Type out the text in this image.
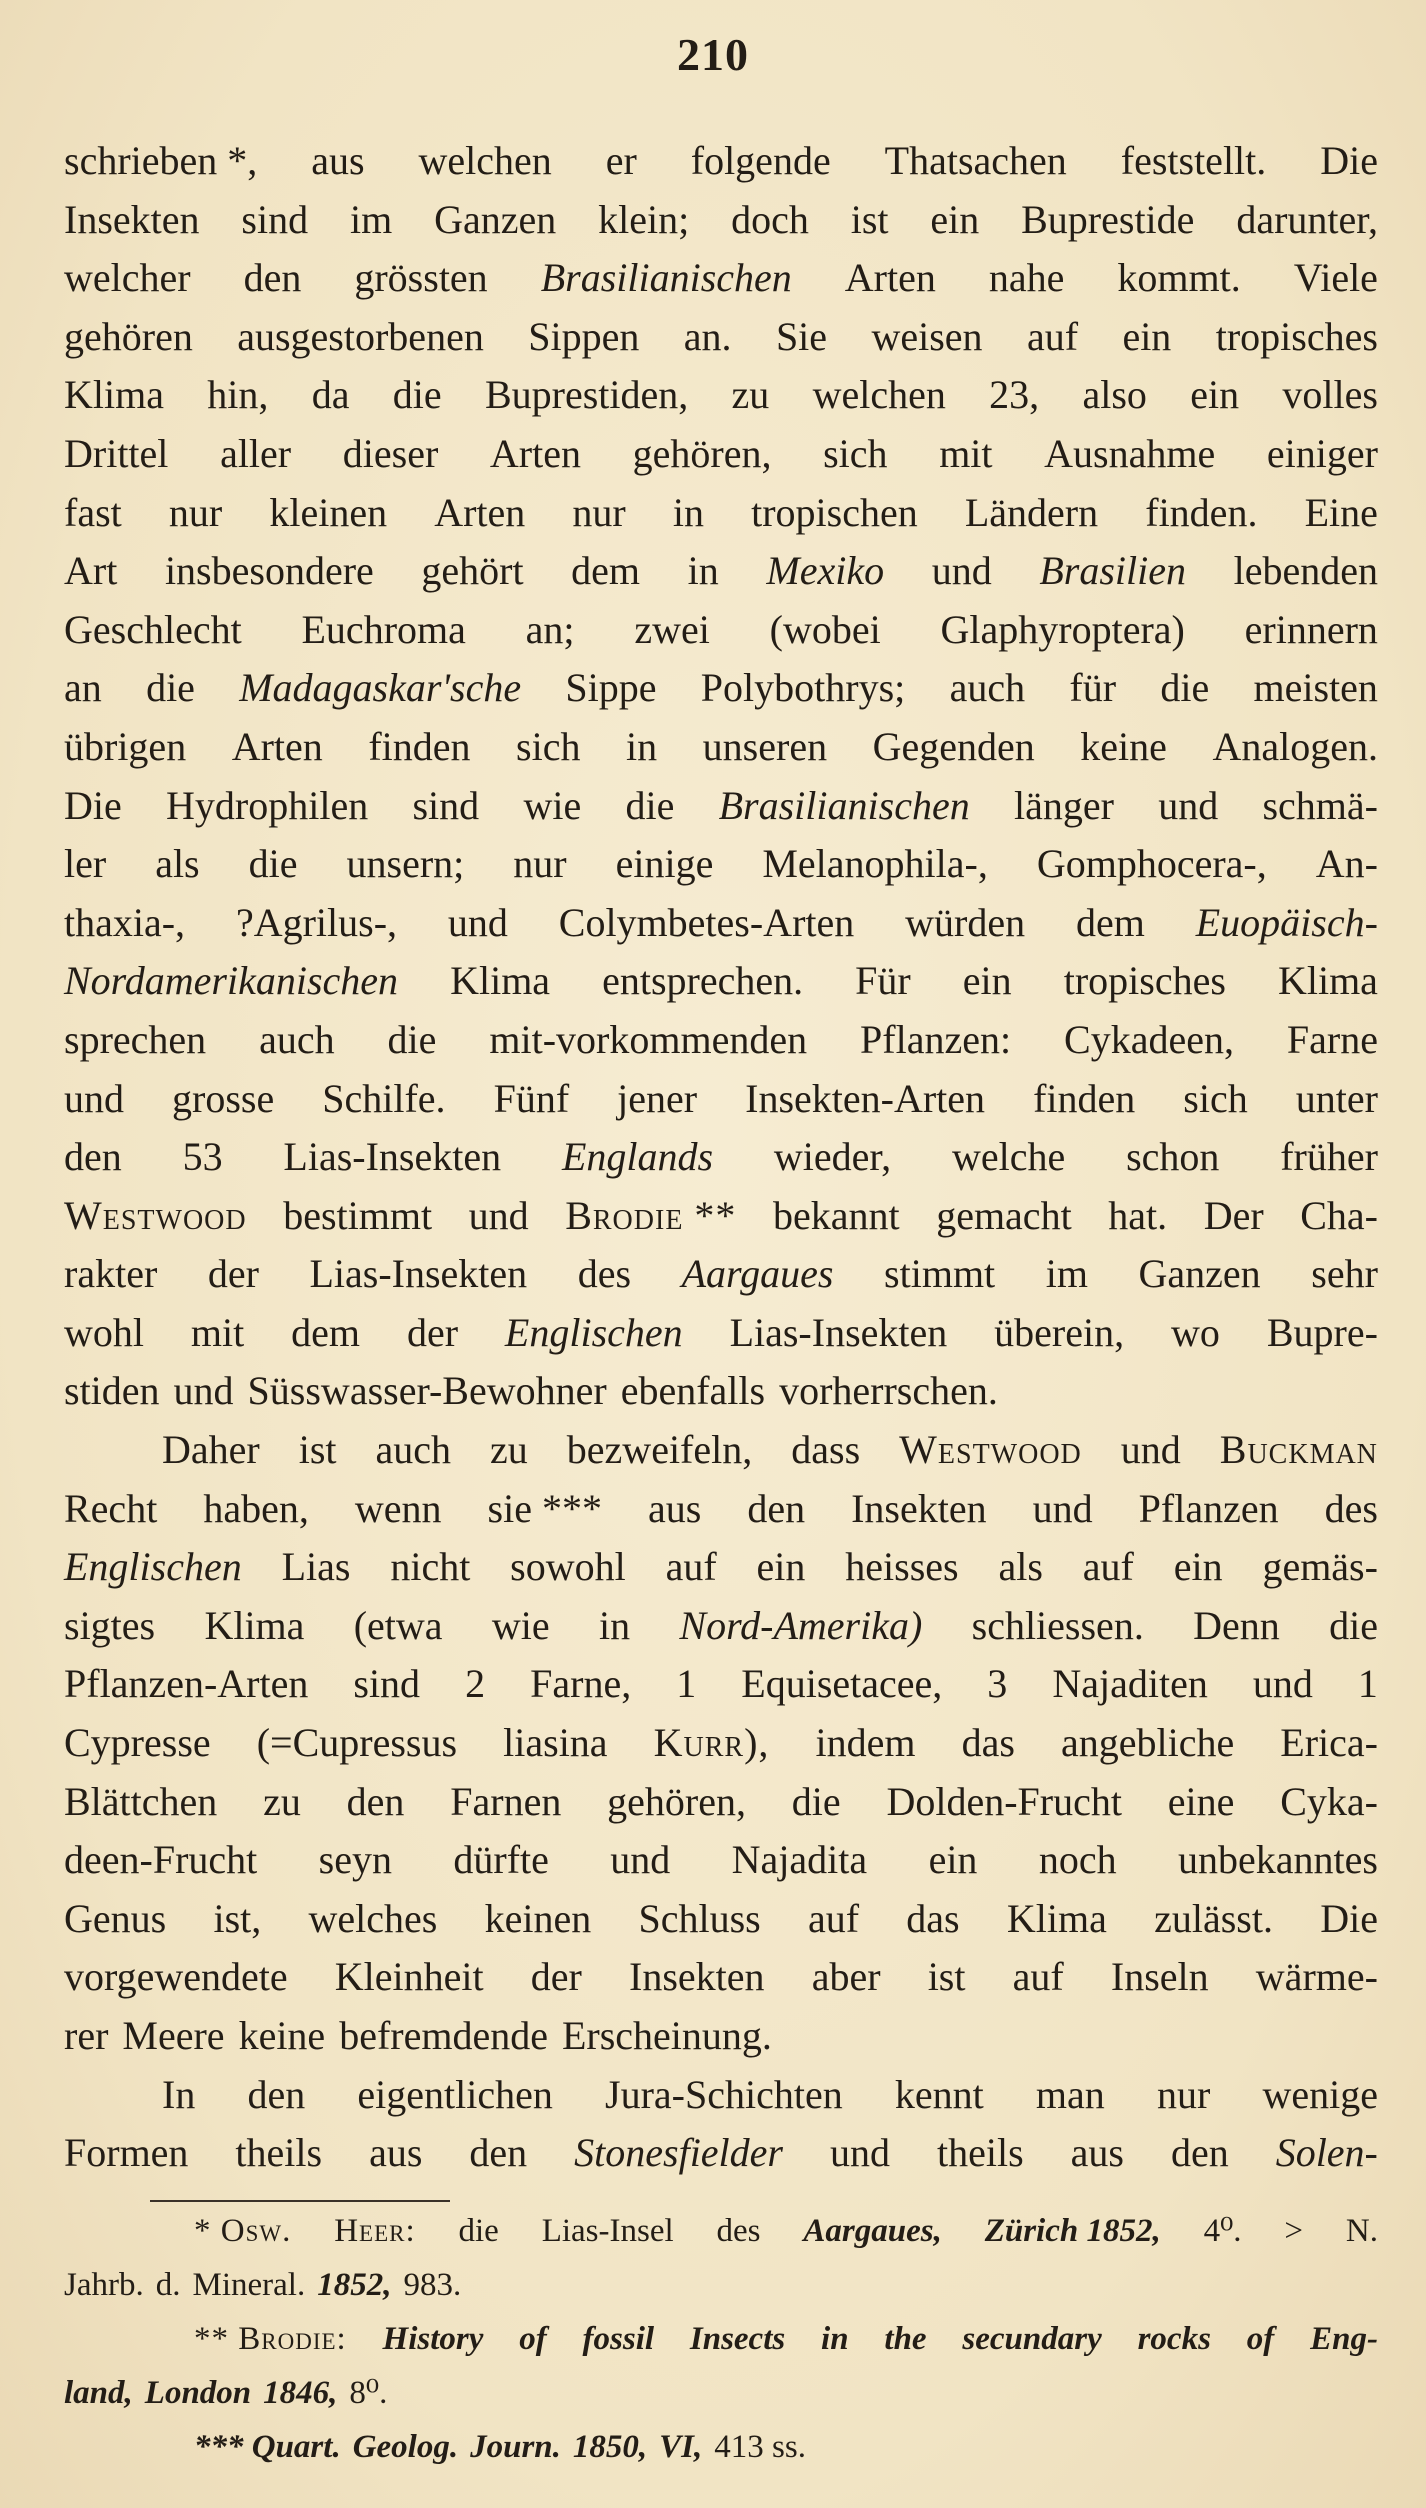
210
schrieben *, aus welchen er folgende Thatsachen feststellt. Die
Insekten sind im Ganzen klein; doch ist ein Buprestide darunter,
welcher den grössten Brasilianischen Arten nahe kommt. Viele
gehören ausgestorbenen Sippen an. Sie weisen auf ein tropisches
Klima hin, da die Buprestiden, zu welchen 23, also ein volles
Drittel aller dieser Arten gehören, sich mit Ausnahme einiger
fast nur kleinen Arten nur in tropischen Ländern finden. Eine
Art insbesondere gehört dem in Mexiko und Brasilien lebenden
Geschlecht Euchroma an; zwei (wobei Glaphyroptera) erinnern
an die Madagaskar'sche Sippe Polybothrys; auch für die meisten
übrigen Arten finden sich in unseren Gegenden keine Analogen.
Die Hydrophilen sind wie die Brasilianischen länger und schmä-
ler als die unsern; nur einige Melanophila-, Gomphocera-, An-
thaxia-, ?Agrilus-, und Colymbetes-Arten würden dem Euopäisch-
Nordamerikanischen Klima entsprechen. Für ein tropisches Klima
sprechen auch die mit-vorkommenden Pflanzen: Cykadeen, Farne
und grosse Schilfe. Fünf jener Insekten-Arten finden sich unter
den 53 Lias-Insekten Englands wieder, welche schon früher
Westwood bestimmt und Brodie ** bekannt gemacht hat. Der Cha-
rakter der Lias-Insekten des Aargaues stimmt im Ganzen sehr
wohl mit dem der Englischen Lias-Insekten überein, wo Bupre-
stiden und Süsswasser-Bewohner ebenfalls vorherrschen.
Daher ist auch zu bezweifeln, dass Westwood und Buckman
Recht haben, wenn sie *** aus den Insekten und Pflanzen des
Englischen Lias nicht sowohl auf ein heisses als auf ein gemäs-
sigtes Klima (etwa wie in Nord-Amerika) schliessen. Denn die
Pflanzen-Arten sind 2 Farne, 1 Equisetacee, 3 Najaditen und 1
Cypresse (=Cupressus liasina Kurr), indem das angebliche Erica-
Blättchen zu den Farnen gehören, die Dolden-Frucht eine Cyka-
deen-Frucht seyn dürfte und Najadita ein noch unbekanntes
Genus ist, welches keinen Schluss auf das Klima zulässt. Die
vorgewendete Kleinheit der Insekten aber ist auf Inseln wärme-
rer Meere keine befremdende Erscheinung.
In den eigentlichen Jura-Schichten kennt man nur wenige
Formen theils aus den Stonesfielder und theils aus den Solen-
* Osw. Heer: die Lias-Insel des Aargaues, Zürich 1852, 4⁰. > N.
Jahrb. d. Mineral. 1852, 983.
** Brodie: History of fossil Insects in the secundary rocks of Eng-
land, London 1846, 8⁰.
*** Quart. Geolog. Journ. 1850, VI, 413 ss.
